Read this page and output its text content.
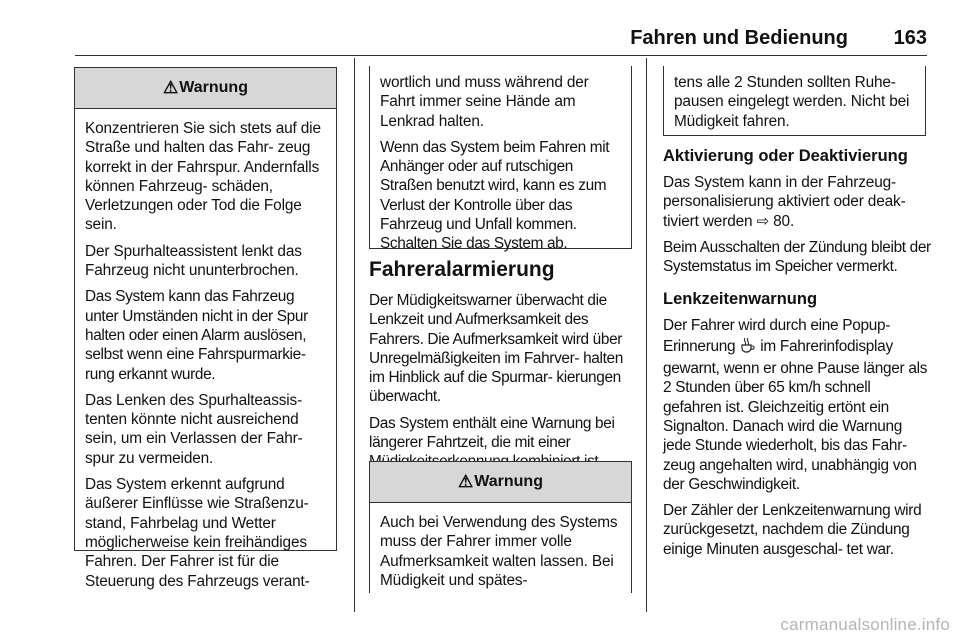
Fahren und Bedienung	163
⚠ Warnung

Konzentrieren Sie sich stets auf die Straße und halten das Fahr- zeug korrekt in der Fahrspur. Andernfalls können Fahrzeug- schäden, Verletzungen oder Tod die Folge sein.

Der Spurhalteassistent lenkt das Fahrzeug nicht ununterbrochen.

Das System kann das Fahrzeug unter Umständen nicht in der Spur halten oder einen Alarm auslösen, selbst wenn eine Fahrspurmarkie- rung erkannt wurde.

Das Lenken des Spurhalteassis- tenten könnte nicht ausreichend sein, um ein Verlassen der Fahr- spur zu vermeiden.

Das System erkennt aufgrund äußerer Einflüsse wie Straßenzu- stand, Fahrbelag und Wetter möglicherweise kein freihändiges Fahren. Der Fahrer ist für die Steuerung des Fahrzeugs verant-

wortlich und muss während der Fahrt immer seine Hände am Lenkrad halten.

Wenn das System beim Fahren mit Anhänger oder auf rutschigen Straßen benutzt wird, kann es zum Verlust der Kontrolle über das Fahrzeug und Unfall kommen. Schalten Sie das System ab.

Fahreralarmierung

Der Müdigkeitswarner überwacht die Lenkzeit und Aufmerksamkeit des Fahrers. Die Aufmerksamkeit wird über Unregelmäßigkeiten im Fahrver- halten im Hinblick auf die Spurmar- kierungen überwacht.

Das System enthält eine Warnung bei längerer Fahrtzeit, die mit einer

⚠ Warnung

Auch bei Verwendung des Systems muss der Fahrer immer volle Aufmerksamkeit walten lassen. Bei Müdigkeit und spätes-

tens alle 2 Stunden sollten Ruhe- pausen eingelegt werden. Nicht bei Müdigkeit fahren.

Aktivierung oder Deaktivierung

Das System kann in der Fahrzeug- personalisierung aktiviert oder deak- tiviert werden ⇨ 80.

Beim Ausschalten der Zündung bleibt der Systemstatus im Speicher vermerkt.

Lenkzeitenwarnung

Der Fahrer wird durch eine Popup- Erinnerung im Fahrerinfodisplay gewarnt, wenn er ohne Pause länger als 2 Stunden über 65 km/h schnell gefahren ist. Gleichzeitig ertönt ein Signalton. Danach wird die Warnung jede Stunde wiederholt, bis das Fahr- zeug angehalten wird, unabhängig von der Geschwindigkeit.

Der Zähler der Lenkzeitenwarnung wird zurückgesetzt, nachdem die Zündung einige Minuten ausgeschal- tet war.

carmanualsonline.info
